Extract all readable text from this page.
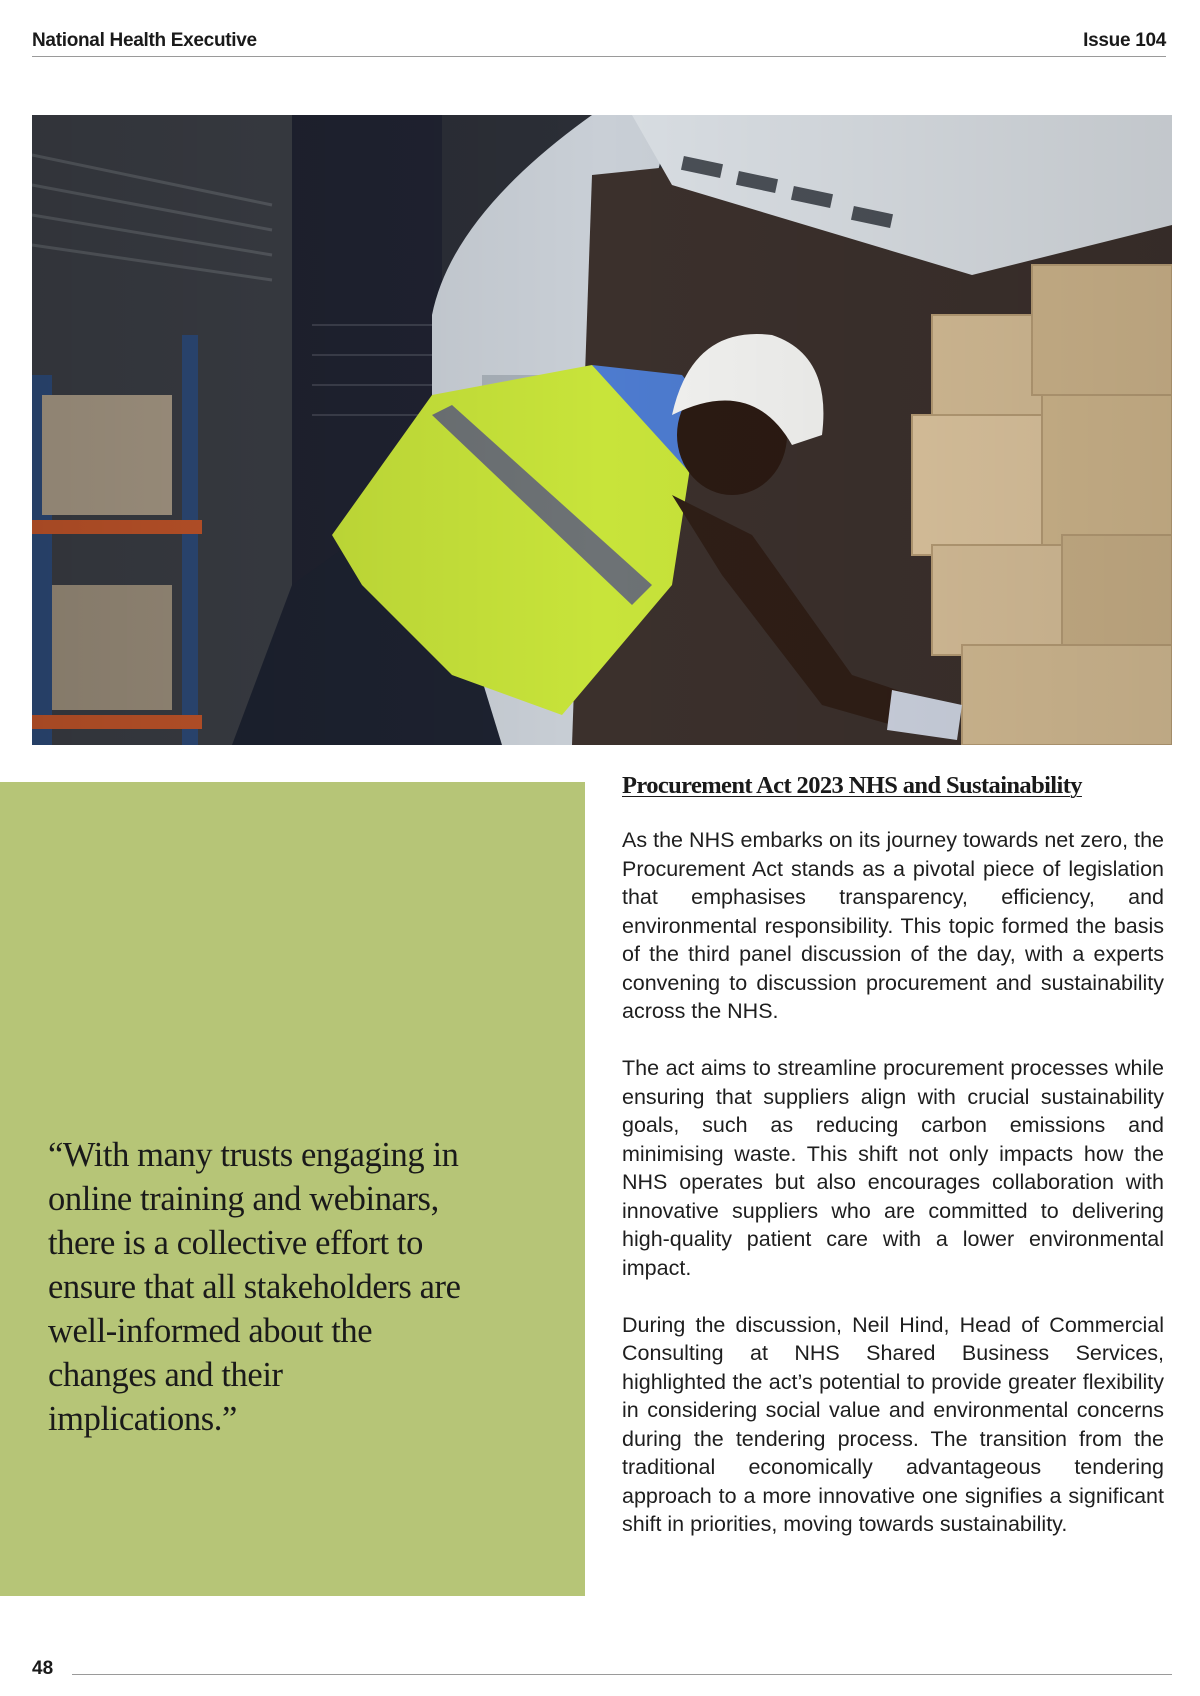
National Health Executive	Issue 104
“With many trusts engaging in online training and webinars, there is a collective effort to ensure that all stakeholders are well-informed about the changes and their implications.”
Procurement Act 2023 NHS and Sustainability

As the NHS embarks on its journey towards net zero, the Procurement Act stands as a pivotal piece of legislation that emphasises transparency, efficiency, and environmental responsibility. This topic formed the basis of the third panel discussion of the day, with a experts convening to discussion procurement and sustainability across the NHS.

The act aims to streamline procurement processes while ensuring that suppliers align with crucial sustainability goals, such as reducing carbon emissions and minimising waste. This shift not only impacts how the NHS operates but also encourages collaboration with innovative suppliers who are committed to delivering high-quality patient care with a lower environmental impact.

During the discussion, Neil Hind, Head of Commercial Consulting at NHS Shared Business Services, highlighted the act’s potential to provide greater flexibility in considering social value and environmental concerns during the tendering process. The transition from the traditional economically advantageous tendering approach to a more innovative one signifies a significant shift in priorities, moving towards sustainability.

48
